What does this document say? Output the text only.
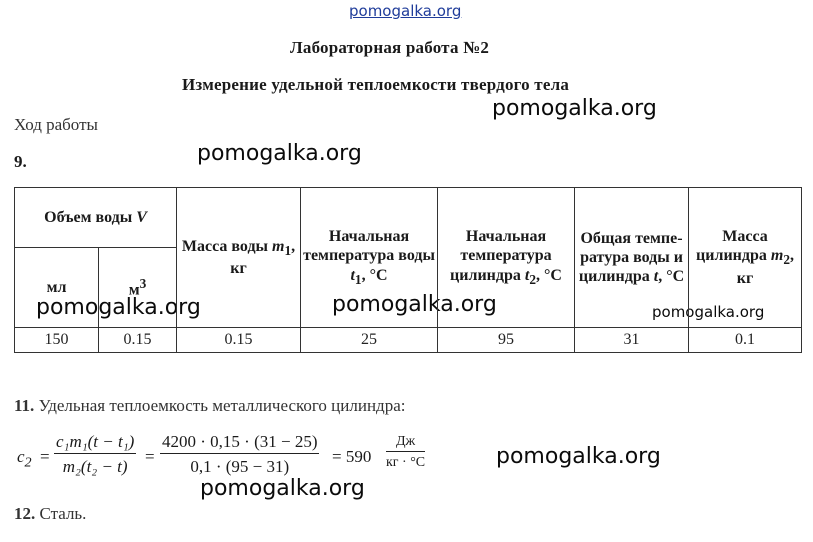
pomogalka.org
pomogalka.org
pomogalka.org
pomogalka.org	pomogalka.org	pomogalka.org
pomogalka.org
pomogalka.org
Лабораторная работа №2
Измерение удельной теплоемкости твердого тела
Ход работы
9.
Объем воды V		Масса воды $m_1$, кг	Начальная температура воды $t_1$, °С	Начальная температура цилиндра $t_2$, °С	Общая темпе- ратура воды и цилиндра t, °С	Масса цилиндра $m_2$, кг
мл	$м^3$
150	0.15	0.15	25	95	31	0.1
11. Удельная теплоемкость металлического цилиндра:
$c_2 = \frac{\text{c₁m₁(t − t₁)}}{\text{m₂(t₂ − t)}} = \frac{4200 \cdot 0,15 \cdot (31 - 25)}{0,1 \cdot (95 - 31)} = 590$
Дж
кг · °С
12. Сталь.
